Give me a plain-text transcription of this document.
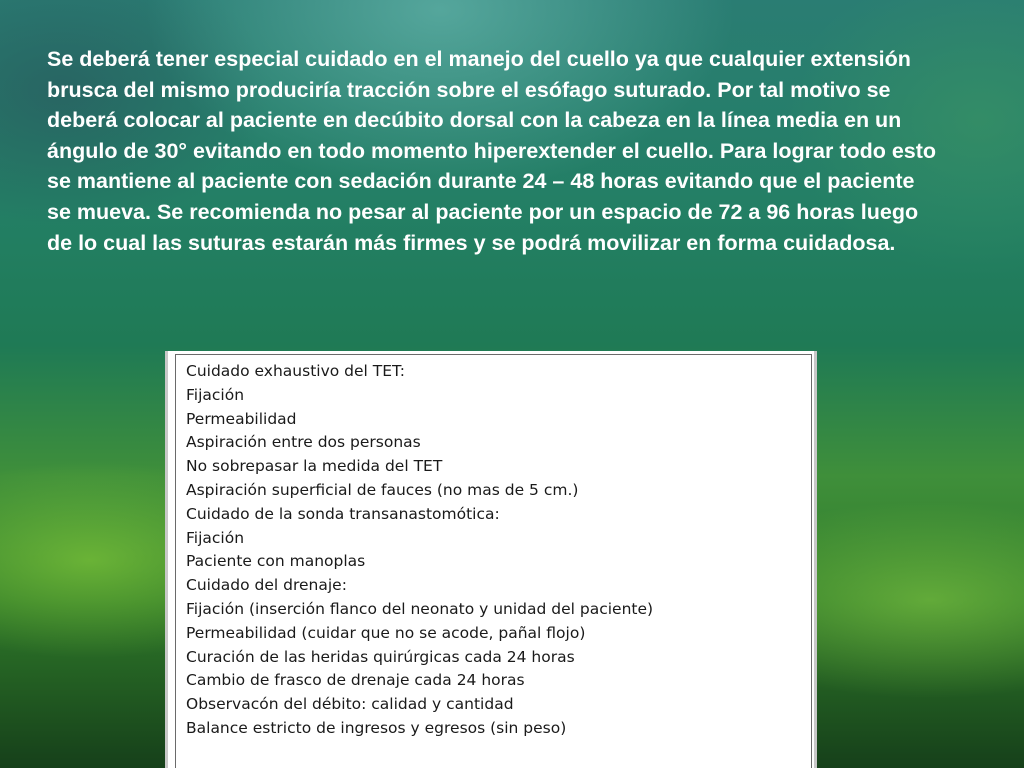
Se deberá tener especial cuidado en el manejo del cuello ya que cualquier extensión brusca del mismo produciría tracción sobre el esófago suturado. Por tal motivo se deberá colocar al paciente en decúbito dorsal con la cabeza en la línea media en un ángulo de 30° evitando en todo momento hiperextender el cuello. Para lograr todo esto se mantiene al paciente con sedación durante 24 – 48 horas evitando que el paciente se mueva. Se recomienda no pesar al paciente por un espacio de 72 a 96 horas luego de lo cual las suturas estarán más firmes y se podrá movilizar en forma cuidadosa.

Cuidado exhaustivo del TET:
Fijación
Permeabilidad
Aspiración entre dos personas
No sobrepasar la medida del TET
Aspiración superficial de fauces (no mas de 5 cm.)
Cuidado de la sonda transanastomótica:
Fijación
Paciente con manoplas
Cuidado del drenaje:
Fijación (inserción flanco del neonato y unidad del paciente)
Permeabilidad (cuidar que no se acode, pañal flojo)
Curación de las heridas quirúrgicas cada 24 horas
Cambio de frasco de drenaje cada 24 horas
Observacón del débito: calidad y cantidad
Balance estricto de ingresos y egresos (sin peso)
